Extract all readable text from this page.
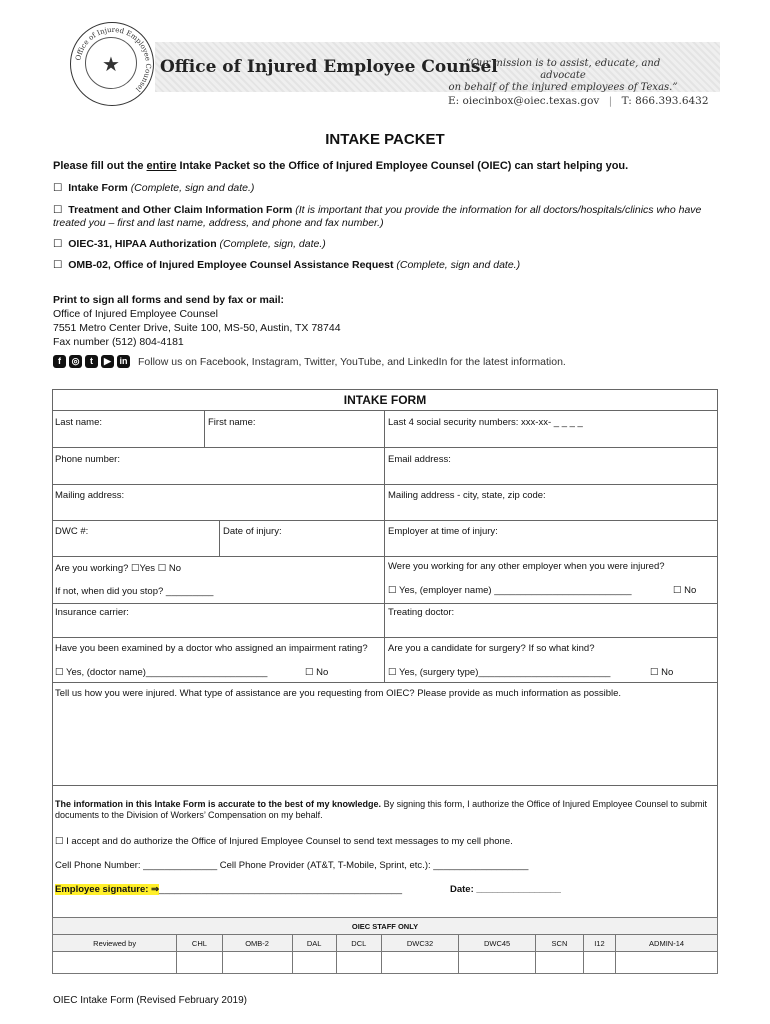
Office of Injured Employee Counsel
★ Office of Injured Employee Counsel
“Our mission is to assist, educate, and advocate
on behalf of the injured employees of Texas.”
E: oiecinbox@oiec.texas.gov | T: 866.393.6432
INTAKE PACKET
Please fill out the entire Intake Packet so the Office of Injured Employee Counsel (OIEC) can start helping you.
☐  Intake Form (Complete, sign and date.)
☐  Treatment and Other Claim Information Form (It is important that you provide the information for all doctors/hospitals/clinics who have treated you – first and last name, address, and phone and fax number.)
☐  OIEC-31, HIPAA Authorization (Complete, sign, date.)
☐  OMB-02, Office of Injured Employee Counsel Assistance Request (Complete, sign and date.)
Print to sign all forms and send by fax or mail:
Office of Injured Employee Counsel
7551 Metro Center Drive, Suite 100, MS-50, Austin, TX 78744
Fax number (512) 804-4181
f	◎	t	▶ in Follow us on Facebook, Instagram, Twitter, YouTube, and LinkedIn for the latest information.
INTAKE FORM
Last name:	First name:	Last 4 social security numbers: xxx-xx- _ _ _ _
Phone number:	Email address:
Mailing address:	Mailing address - city, state, zip code:
DWC #:	Date of injury:	Employer at time of injury:
Are you working? ☐Yes ☐ No	Were you working for any other employer when you were injured?
If not, when did you stop? _________	☐ Yes, (employer name) __________________________	☐ No
Insurance carrier:	Treating doctor:
Have you been examined by a doctor who assigned an impairment rating?
☐ Yes, (doctor name)_______________________	☐ No
Are you a candidate for surgery? If so what kind?
☐ Yes, (surgery type)_________________________	☐ No
Tell us how you were injured. What type of assistance are you requesting from OIEC? Please provide as much information as possible.
The information in this Intake Form is accurate to the best of my knowledge. By signing this form, I authorize the Office of Injured Employee Counsel to submit documents to the Division of Workers’ Compensation on my behalf.
☐ I accept and do authorize the Office of Injured Employee Counsel to send text messages to my cell phone.
Cell Phone Number: ______________ Cell Phone Provider (AT&T, T-Mobile, Sprint, etc.): __________________
Employee signature: ⇒______________________________________________	Date: ________________
OIEC STAFF ONLY									
Reviewed by	CHL	OMB-2	DAL	DCL	DWC32	DWC45	SCN	I12	ADMIN-14

OIEC Intake Form (Revised February 2019)
